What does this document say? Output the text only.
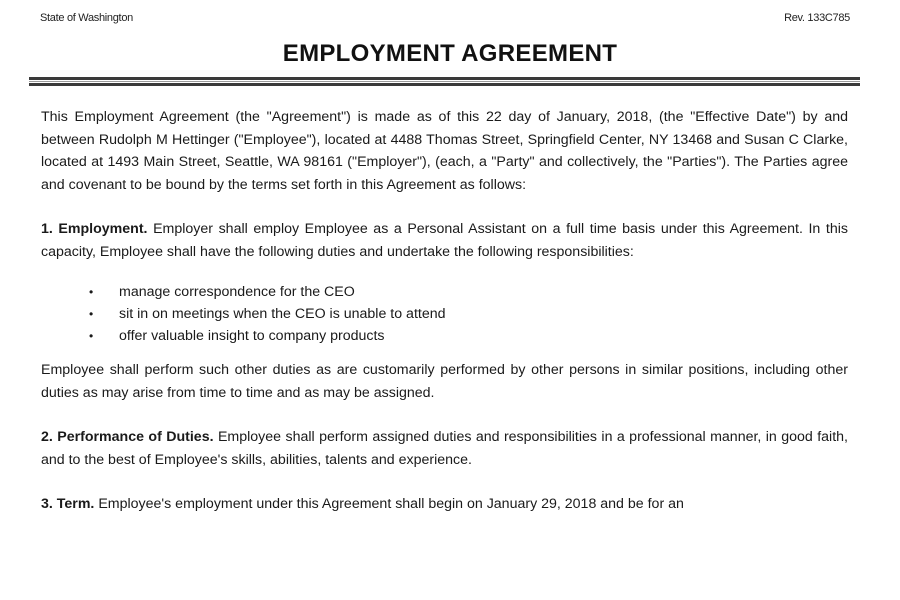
State of Washington	Rev. 133C785
EMPLOYMENT AGREEMENT

This Employment Agreement (the "Agreement") is made as of this 22 day of January, 2018, (the "Effective Date") by and between Rudolph M Hettinger ("Employee"), located at 4488 Thomas Street, Springfield Center, NY 13468 and Susan C Clarke, located at 1493 Main Street, Seattle, WA 98161 ("Employer"), (each, a "Party" and collectively, the "Parties"). The Parties agree and covenant to be bound by the terms set forth in this Agreement as follows:

1. Employment. Employer shall employ Employee as a Personal Assistant on a full time basis under this Agreement. In this capacity, Employee shall have the following duties and undertake the following responsibilities:

• manage correspondence for the CEO
• sit in on meetings when the CEO is unable to attend
• offer valuable insight to company products

Employee shall perform such other duties as are customarily performed by other persons in similar positions, including other duties as may arise from time to time and as may be assigned.

2. Performance of Duties. Employee shall perform assigned duties and responsibilities in a professional manner, in good faith, and to the best of Employee's skills, abilities, talents and experience.

3. Term. Employee's employment under this Agreement shall begin on January 29, 2018 and be for an
